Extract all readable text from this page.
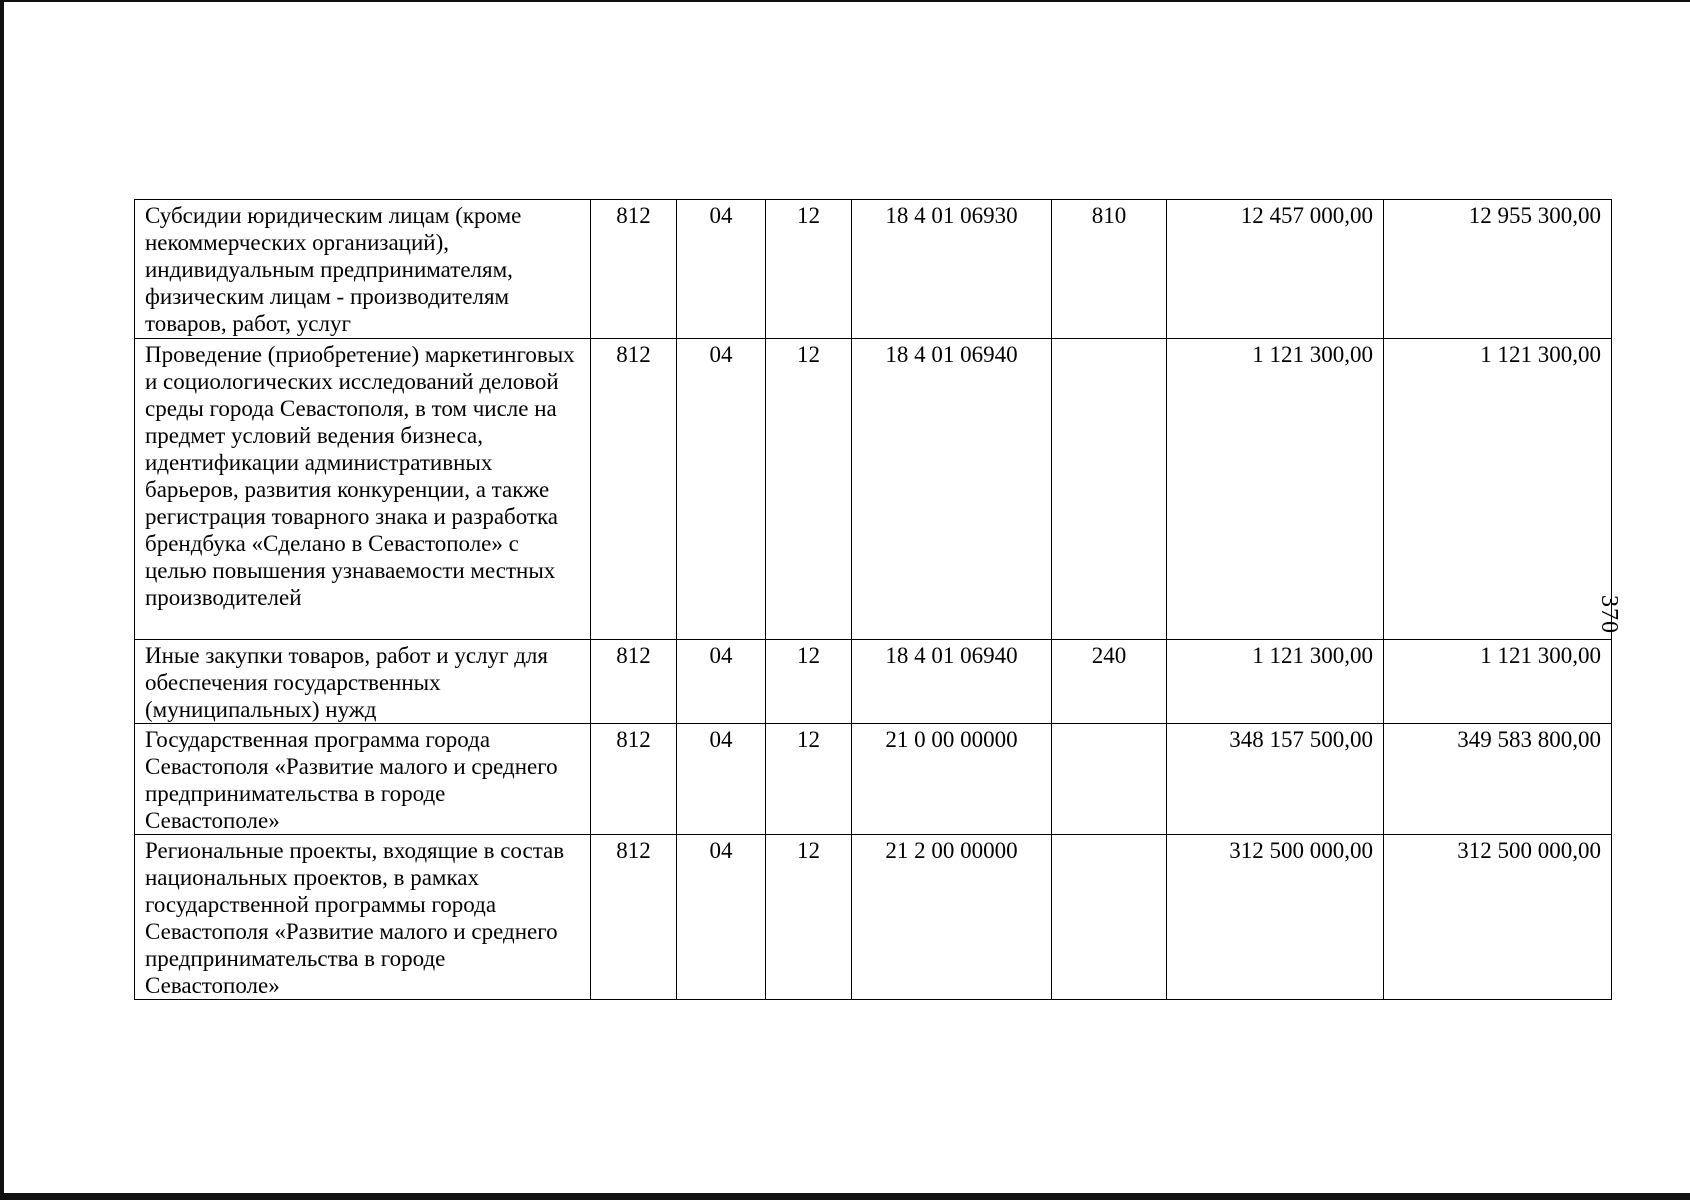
Субсидии юридическим лицам (кроме некоммерческих организаций), индивидуальным предпринимателям, физическим лицам - производителям товаров, работ, услуг	812	04	12	18 4 01 06930	810	12 457 000,00	12 955 300,00
Проведение (приобретение) маркетинговых и социологических исследований деловой среды города Севастополя, в том числе на предмет условий ведения бизнеса, идентификации административных барьеров, развития конкуренции, а также регистрация товарного знака и разработка брендбука «Сделано в Севастополе» с целью повышения узнаваемости местных производителей	812	04	12	18 4 01 06940		1 121 300,00	1 121 300,00
Иные закупки товаров, работ и услуг для обеспечения государственных (муниципальных) нужд	812	04	12	18 4 01 06940	240	1 121 300,00	1 121 300,00
Государственная программа города Севастополя «Развитие малого и среднего предпринимательства в городе Севастополе»	812	04	12	21 0 00 00000		348 157 500,00	349 583 800,00
Региональные проекты, входящие в состав национальных проектов, в рамках государственной программы города Севастополя «Развитие малого и среднего предпринимательства в городе Севастополе»	812	04	12	21 2 00 00000		312 500 000,00	312 500 000,00
370
